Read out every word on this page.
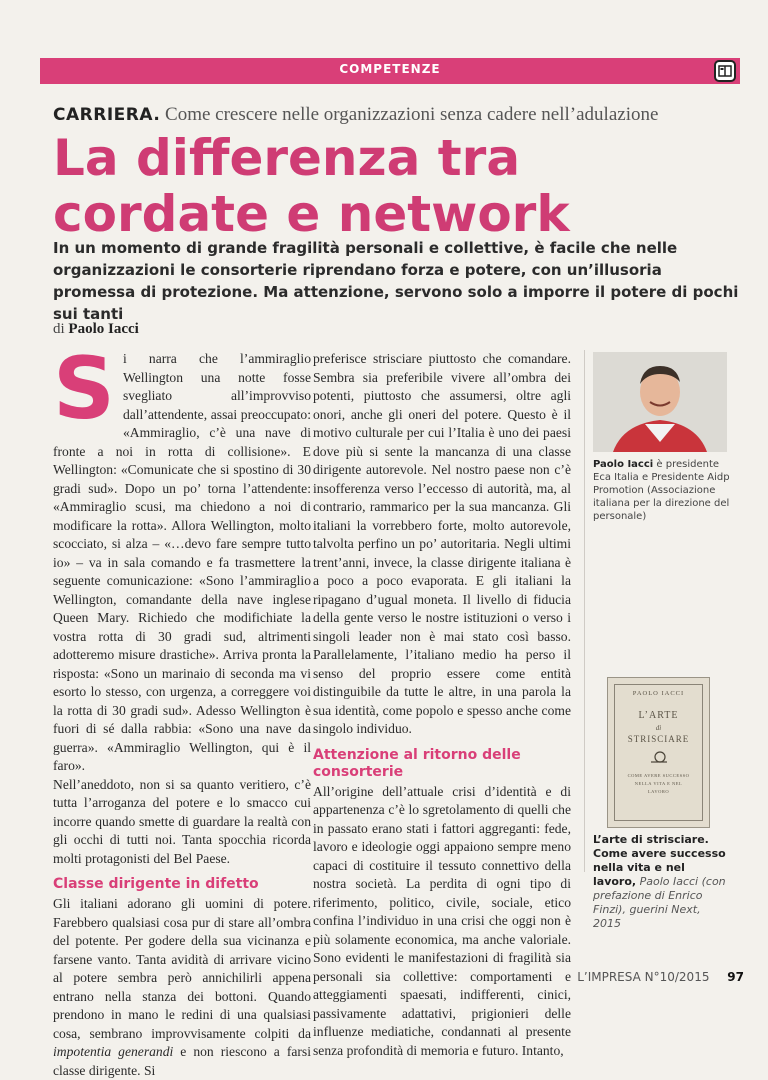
COMPETENZE
CARRIERA. Come crescere nelle organizzazioni senza cadere nell’adulazione
La differenza tra cordate e network

In un momento di grande fragilità personali e collettive, è facile che nelle organizzazioni le consorterie riprendano forza e potere, con un’illusoria promessa di protezione. Ma attenzione, servono solo a imporre il potere di pochi sui tanti

di Paolo Iacci
S i narra che l’ammiraglio Wellington una notte fosse svegliato all’improvviso dall’attendente, assai preoccupato: «Ammiraglio, c’è una nave di fronte a noi in rotta di collisione». E Wellington: «Comunicate che si spostino di 30 gradi sud». Dopo un po’ torna l’attendente: «Ammiraglio scusi, ma chiedono a noi di modificare la rotta». Allora Wellington, molto scocciato, si alza – «…devo fare sempre tutto io» – va in sala comando e fa trasmettere la seguente comunicazione: «Sono l’ammiraglio Wellington, comandante della nave inglese Queen Mary. Richiedo che modifichiate la vostra rotta di 30 gradi sud, altrimenti adotteremo misure drastiche». Arriva pronta la risposta: «Sono un marinaio di seconda ma vi esorto lo stesso, con urgenza, a correggere voi la rotta di 30 gradi sud». Adesso Wellington è fuori di sé dalla rabbia: «Sono una nave da guerra». «Ammiraglio Wellington, qui è il faro».

Nell’aneddoto, non si sa quanto veritiero, c’è tutta l’arroganza del potere e lo smacco cui incorre quando smette di guardare la realtà con gli occhi di tutti noi. Tanta spocchia ricorda molti protagonisti del Bel Paese.

Classe dirigente in difetto

Gli italiani adorano gli uomini di potere. Farebbero qualsiasi cosa pur di stare all’ombra del potente. Per godere della sua vicinanza e farsene vanto. Tanta avidità di arrivare vicino al potere sembra però annichilirli appena entrano nella stanza dei bottoni. Quando prendono in mano le redini di una qualsiasi cosa, sembrano improvvisamente colpiti da impotentia generandi e non riescono a farsi classe dirigente. Si

preferisce strisciare piuttosto che comandare. Sembra sia preferibile vivere all’ombra dei potenti, piuttosto che assumersi, oltre agli onori, anche gli oneri del potere. Questo è il motivo culturale per cui l’Italia è uno dei paesi dove più si sente la mancanza di una classe dirigente autorevole. Nel nostro paese non c’è insofferenza verso l’eccesso di autorità, ma, al contrario, rammarico per la sua mancanza. Gli italiani la vorrebbero forte, molto autorevole, talvolta perfino un po’ autoritaria. Negli ultimi trent’anni, invece, la classe dirigente italiana è a poco a poco evaporata. E gli italiani la ripagano d’ugual moneta. Il livello di fiducia della gente verso le nostre istituzioni o verso i singoli leader non è mai stato così basso. Parallelamente, l’italiano medio ha perso il senso del proprio essere come entità distinguibile da tutte le altre, in una parola la sua identità, come popolo e spesso anche come singolo individuo.

Attenzione al ritorno delle consorterie

All’origine dell’attuale crisi d’identità e di appartenenza c’è lo sgretolamento di quelli che in passato erano stati i fattori aggreganti: fede, lavoro e ideologie oggi appaiono sempre meno capaci di costituire il tessuto connettivo della nostra società. La perdita di ogni tipo di riferimento, politico, civile, sociale, etico confina l’individuo in una crisi che oggi non è più solamente economica, ma anche valoriale. Sono evidenti le manifestazioni di fragilità sia personali sia collettive: comportamenti e atteggiamenti spaesati, indifferenti, cinici, passivamente adattativi, prigionieri delle influenze mediatiche, condannati al presente senza profondità di memoria e futuro. Intanto,

Paolo Iacci è presidente Eca Italia e Presidente Aidp Promotion (Associazione italiana per la direzione del personale)
PAOLO IACCI
L’ARTE
di
STRISCIARE
COME AVERE SUCCESSO NELLA VITA E NEL LAVORO
L’arte di strisciare. Come avere successo nella vita e nel lavoro, Paolo Iacci (con prefazione di Enrico Finzi), guerini Next, 2015
L’IMPRESA N°10/2015 97
